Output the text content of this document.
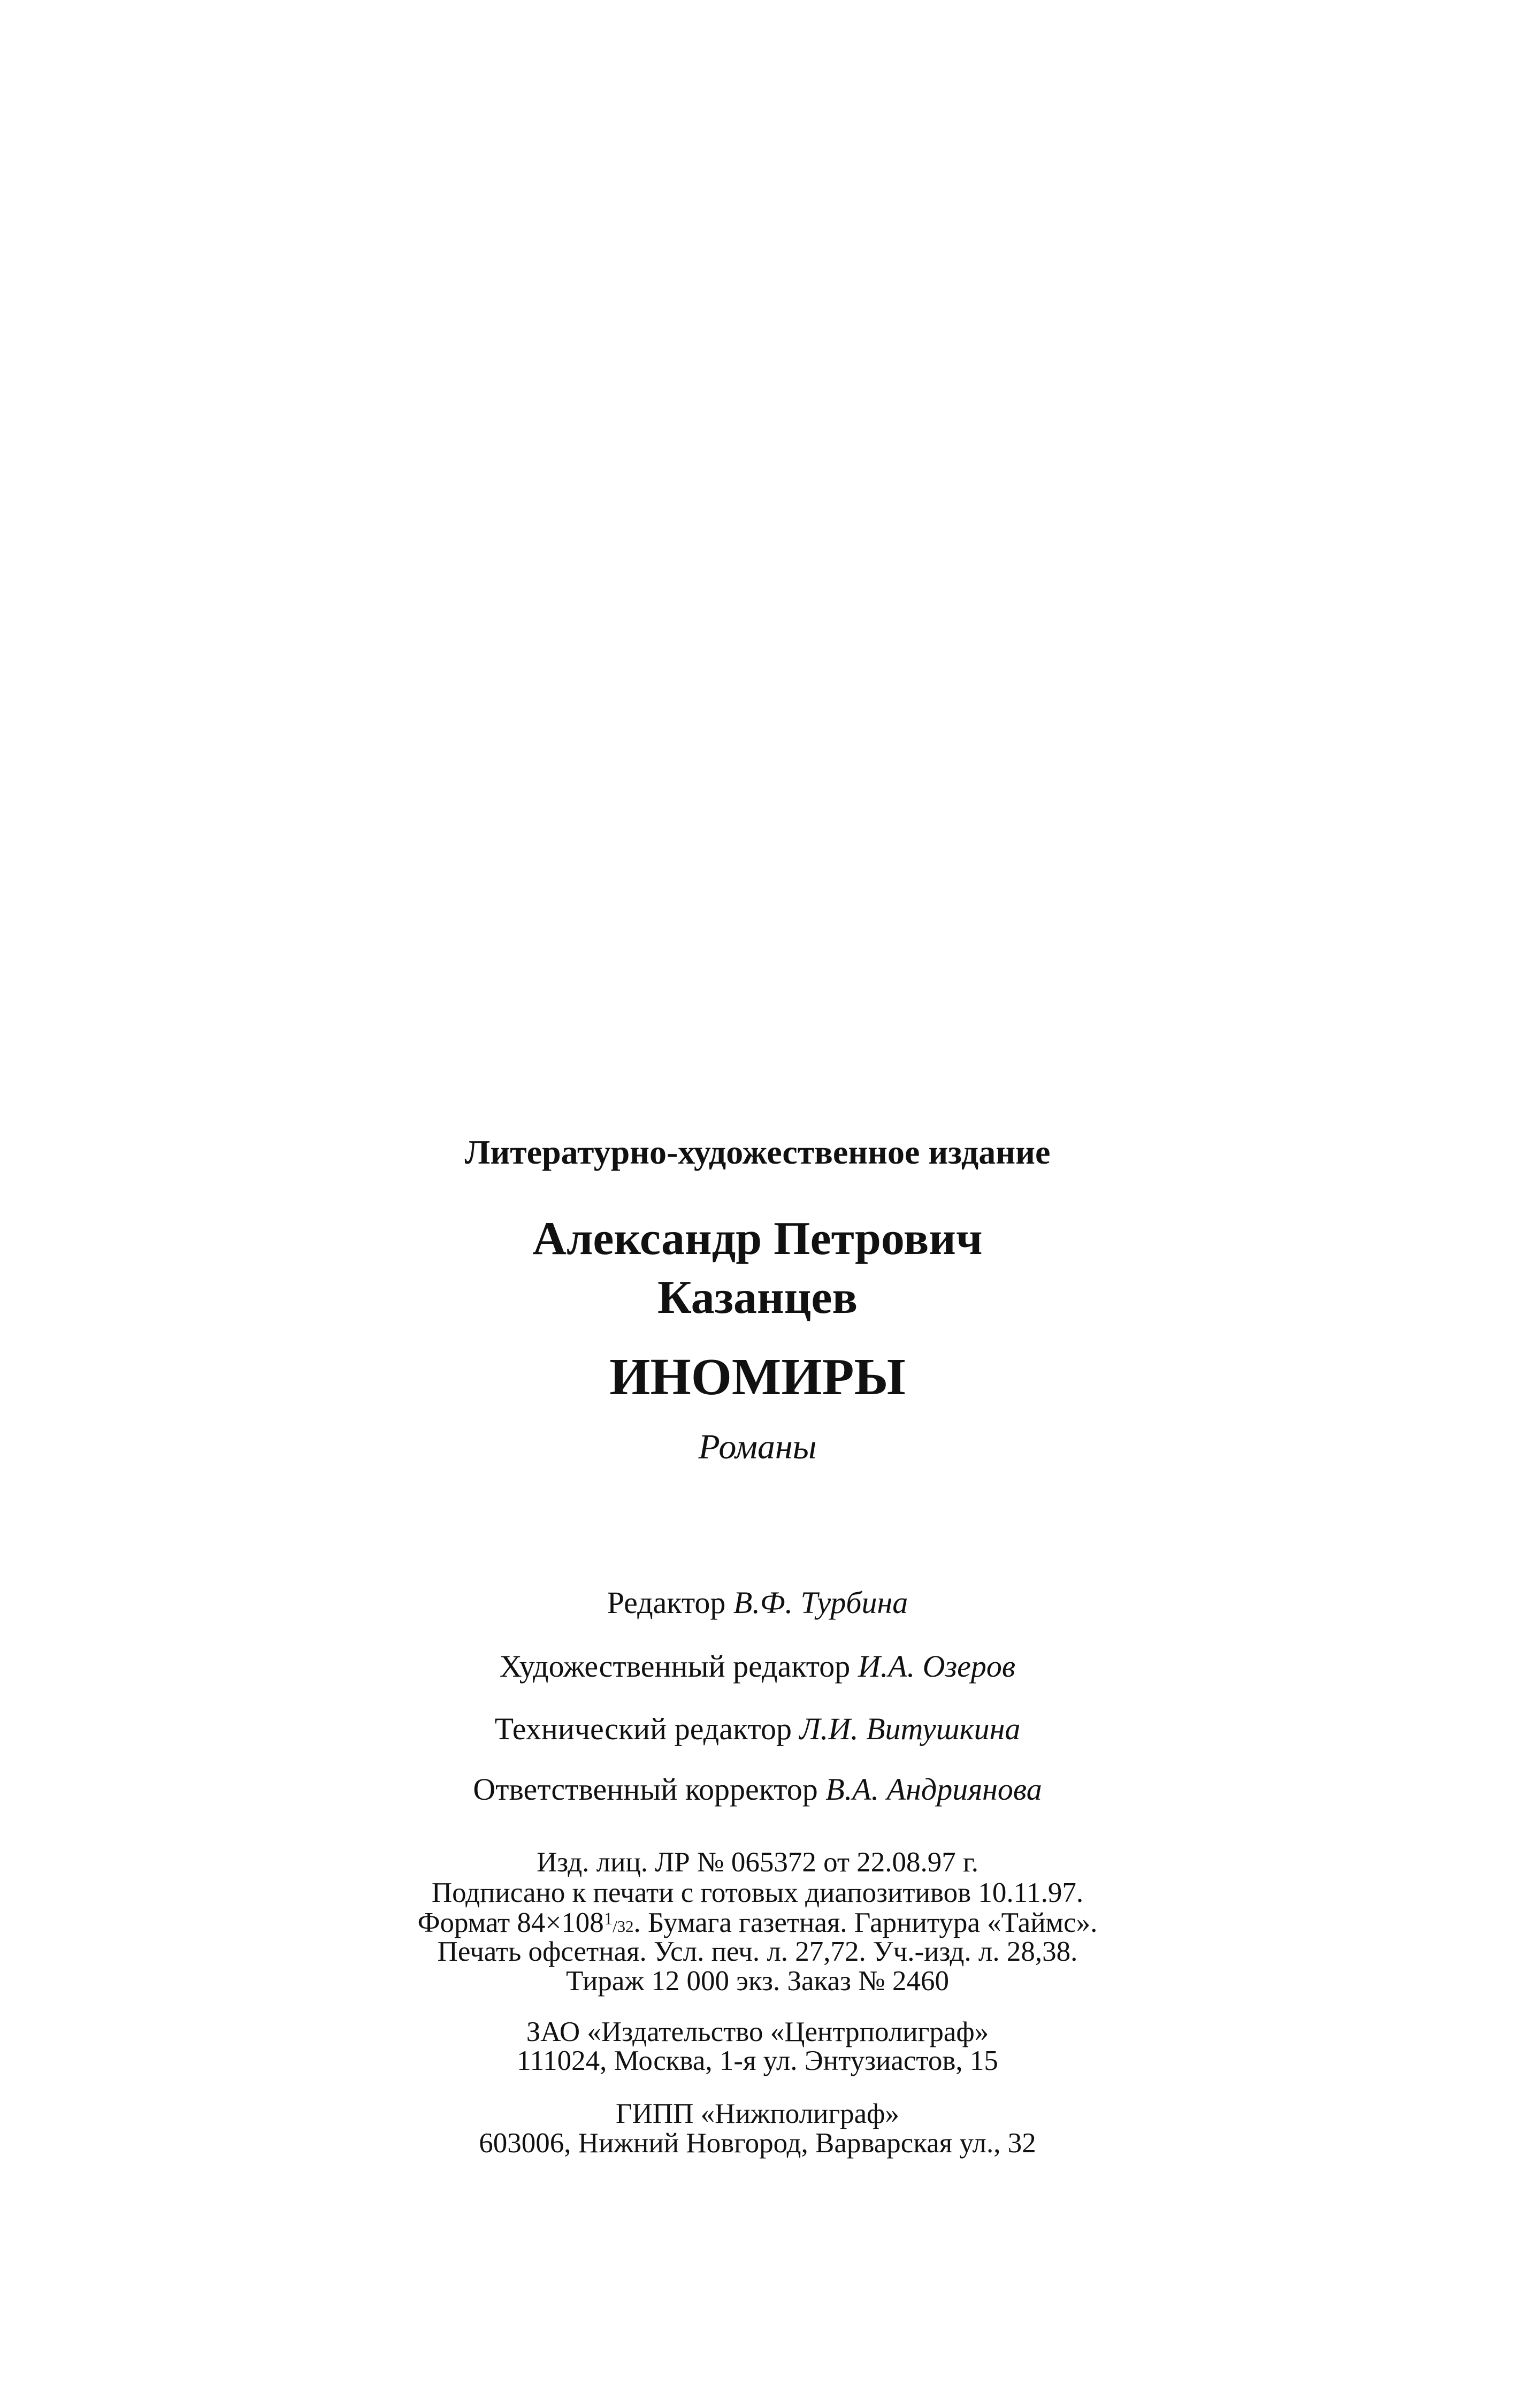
Литературно-художественное издание
Александр Петрович
Казанцев
ИНОМИРЫ
Романы
Редактор В.Ф. Турбина
Художественный редактор И.А. Озеров
Технический редактор Л.И. Витушкина
Ответственный корректор В.А. Андриянова
Изд. лиц. ЛР № 065372 от 22.08.97 г.
Подписано к печати с готовых диапозитивов 10.11.97.
Формат $84\times 108^1/32$. Бумага газетная. Гарнитура «Таймс».
Печать офсетная. Усл. печ. л. 27,72. Уч.-изд. л. 28,38.
Тираж 12 000 экз. Заказ № 2460
ЗАО «Издательство «Центрполиграф»
111024, Москва, 1-я ул. Энтузиастов, 15
ГИПП «Нижполиграф»
603006, Нижний Новгород, Варварская ул., 32
